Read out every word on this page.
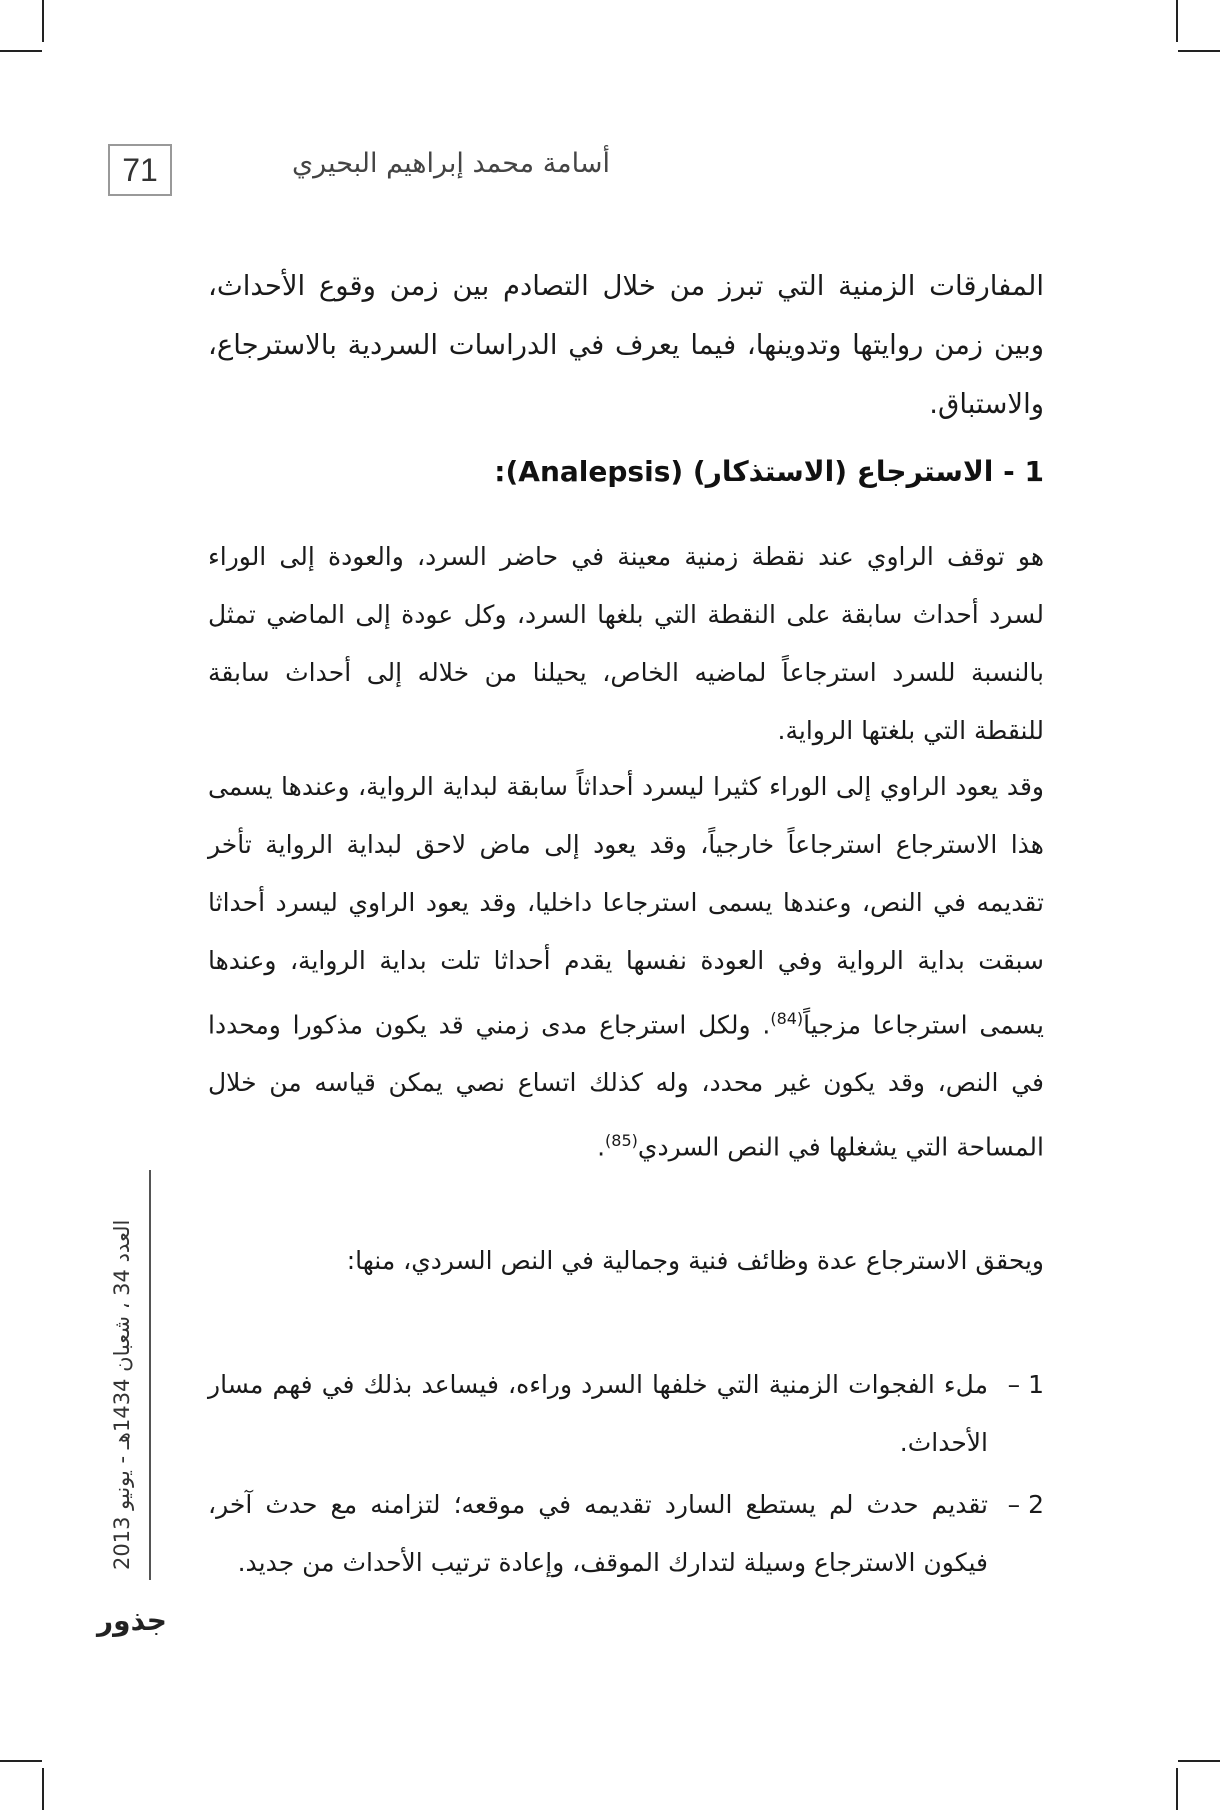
71	أسامة محمد إبراهيم البحيري
المفارقات الزمنية التي تبرز من خلال التصادم بين زمن وقوع الأحداث، وبين زمن روايتها وتدوينها، فيما يعرف في الدراسات السردية بالاسترجاع، والاستباق.
1 - الاسترجاع (الاستذكار) (Analepsis):
هو توقف الراوي عند نقطة زمنية معينة في حاضر السرد، والعودة إلى الوراء لسرد أحداث سابقة على النقطة التي بلغها السرد، وكل عودة إلى الماضي تمثل بالنسبة للسرد استرجاعاً لماضيه الخاص، يحيلنا من خلاله إلى أحداث سابقة للنقطة التي بلغتها الرواية.
وقد يعود الراوي إلى الوراء كثيرا ليسرد أحداثاً سابقة لبداية الرواية، وعندها يسمى هذا الاسترجاع استرجاعاً خارجياً، وقد يعود إلى ماض لاحق لبداية الرواية تأخر تقديمه في النص، وعندها يسمى استرجاعا داخليا، وقد يعود الراوي ليسرد أحداثا سبقت بداية الرواية وفي العودة نفسها يقدم أحداثا تلت بداية الرواية، وعندها يسمى استرجاعا مزجياً$^{(84)}$. ولكل استرجاع مدى زمني قد يكون مذكورا ومحددا في النص، وقد يكون غير محدد، وله كذلك اتساع نصي يمكن قياسه من خلال المساحة التي يشغلها في النص السردي$^{(85)}$.
ويحقق الاسترجاع عدة وظائف فنية وجمالية في النص السردي، منها:
1 –
ملء الفجوات الزمنية التي خلفها السرد وراءه، فيساعد بذلك في فهم مسار الأحداث.
2 –
تقديم حدث لم يستطع السارد تقديمه في موقعه؛ لتزامنه مع حدث آخر، فيكون الاسترجاع وسيلة لتدارك الموقف، وإعادة ترتيب الأحداث من جديد.
العدد 34 ، شعبان 1434هـ - يونيو 2013
جذور
